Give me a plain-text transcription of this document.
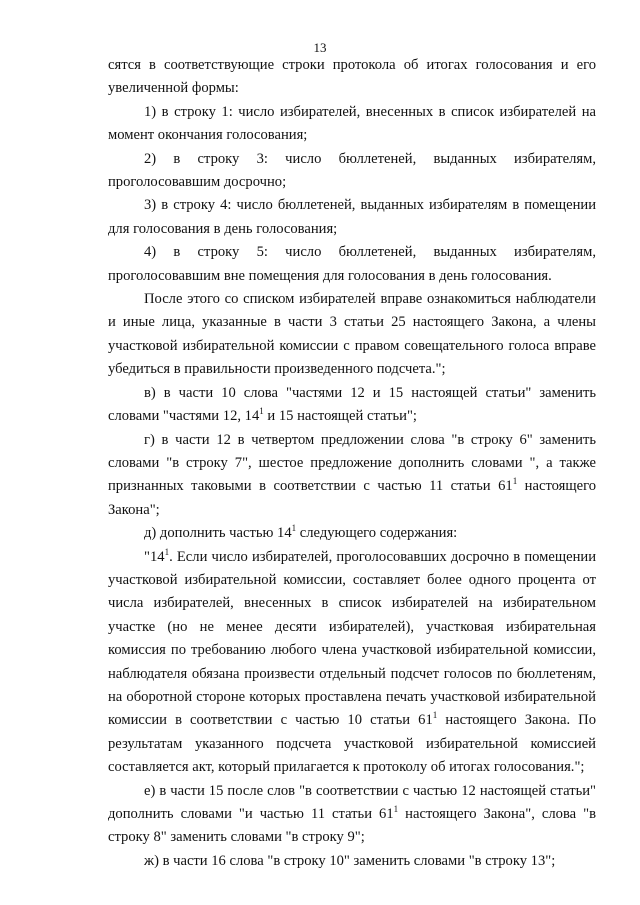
13

сятся в соответствующие строки протокола об итогах голосования и его увеличенной формы:

1) в строку 1: число избирателей, внесенных в список избирателей на момент окончания голосования;

2) в строку 3: число бюллетеней, выданных избирателям, проголосовавшим досрочно;

3) в строку 4: число бюллетеней, выданных избирателям в помещении для голосования в день голосования;

4) в строку 5: число бюллетеней, выданных избирателям, проголосовавшим вне помещения для голосования в день голосования.

После этого со списком избирателей вправе ознакомиться наблюдатели и иные лица, указанные в части 3 статьи 25 настоящего Закона, а члены участковой избирательной комиссии с правом совещательного голоса вправе убедиться в правильности произведенного подсчета.";

в) в части 10 слова "частями 12 и 15 настоящей статьи" заменить словами "частями 12, $14^1$ и 15 настоящей статьи";

г) в части 12 в четвертом предложении слова "в строку 6" заменить словами "в строку 7", шестое предложение дополнить словами ", а также признанных таковыми в соответствии с частью 11 статьи $61^1$ настоящего Закона";

д) дополнить частью $14^1$ следующего содержания:

"$14^1$. Если число избирателей, проголосовавших досрочно в помещении участковой избирательной комиссии, составляет более одного процента от числа избирателей, внесенных в список избирателей на избирательном участке (но не менее десяти избирателей), участковая избирательная комиссия по требованию любого члена участковой избирательной комиссии, наблюдателя обязана произвести отдельный подсчет голосов по бюллетеням, на оборотной стороне которых проставлена печать участковой избирательной комиссии в соответствии с частью 10 статьи $61^1$ настоящего Закона. По результатам указанного подсчета участковой избирательной комиссией составляется акт, который прилагается к протоколу об итогах голосования.";

е) в части 15 после слов "в соответствии с частью 12 настоящей статьи" дополнить словами "и частью 11 статьи $61^1$ настоящего Закона", слова "в строку 8" заменить словами "в строку 9";

ж) в части 16 слова "в строку 10" заменить словами "в строку 13";
